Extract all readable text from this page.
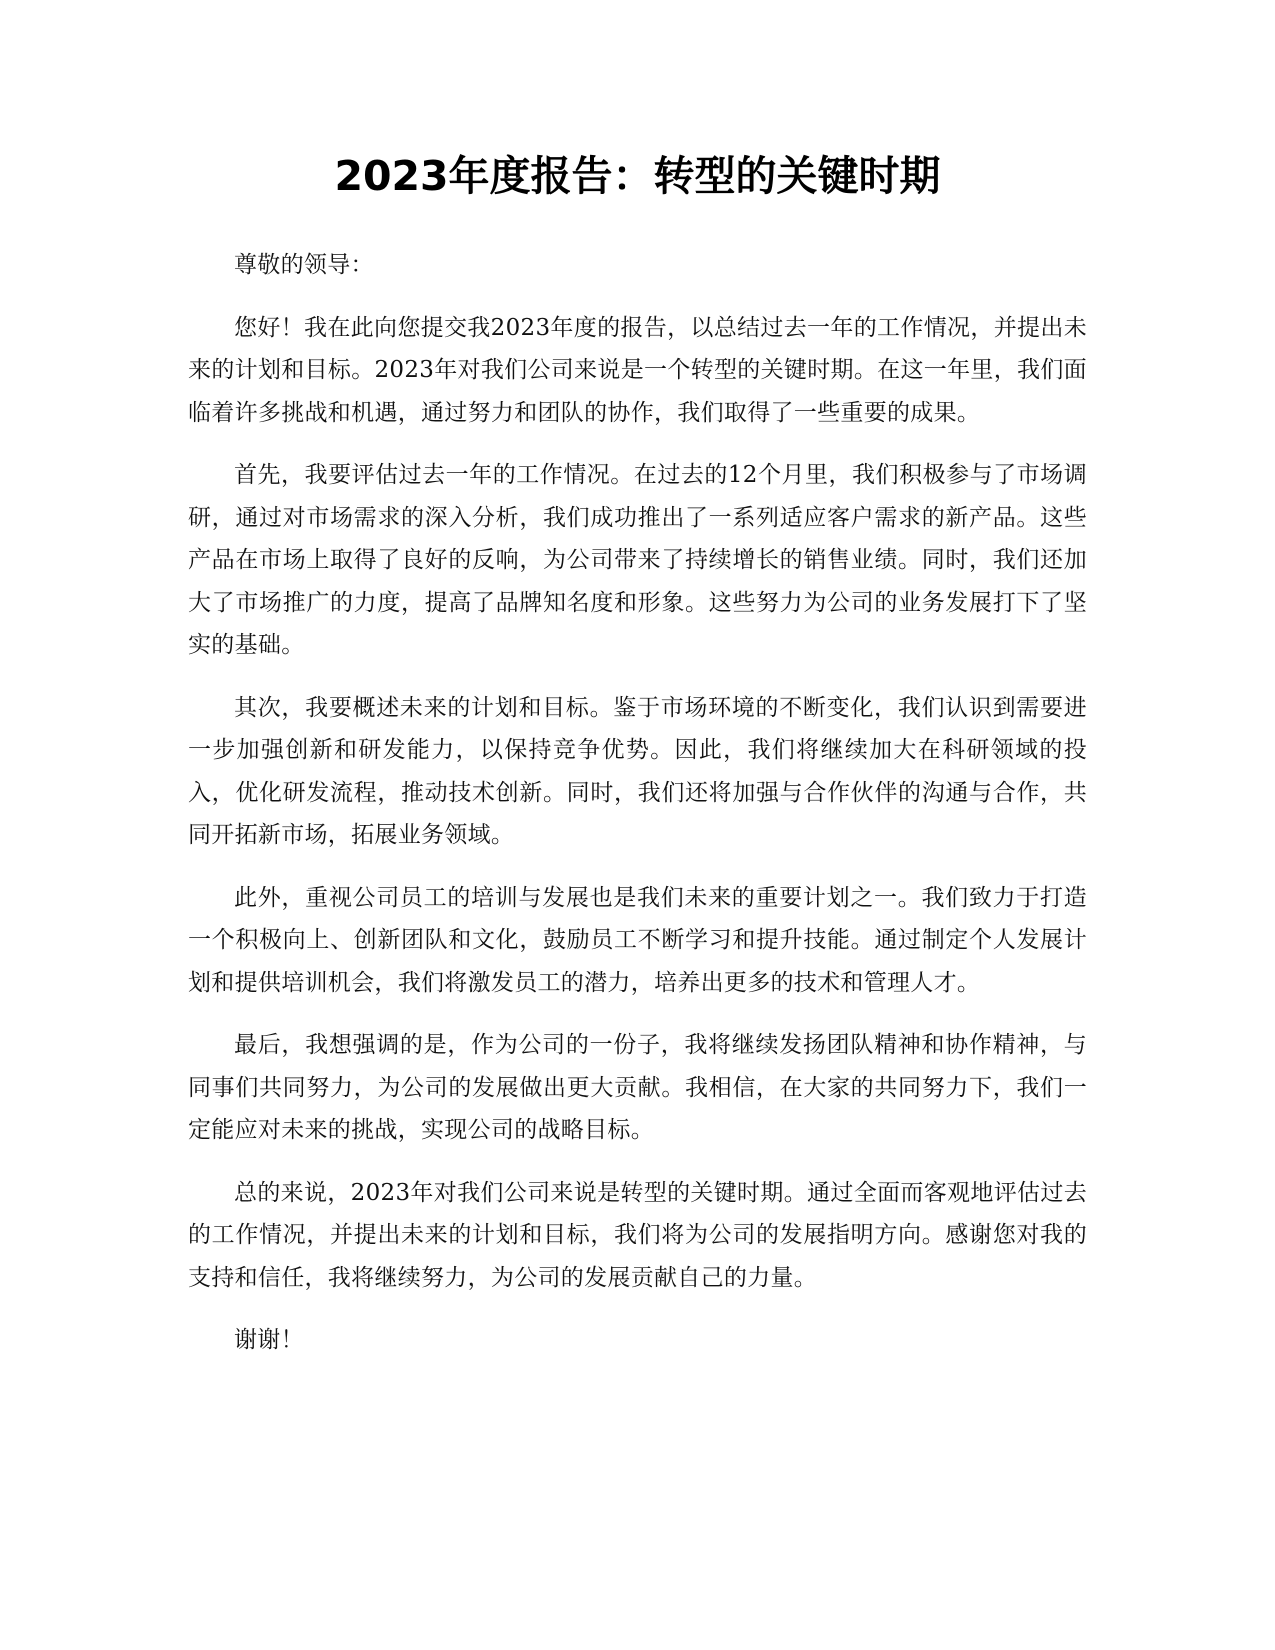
2023年度报告：转型的关键时期

尊敬的领导：

您好！我在此向您提交我2023年度的报告，以总结过去一年的工作情况，并提出未来的计划和目标。2023年对我们公司来说是一个转型的关键时期。在这一年里，我们面临着许多挑战和机遇，通过努力和团队的协作，我们取得了一些重要的成果。

首先，我要评估过去一年的工作情况。在过去的12个月里，我们积极参与了市场调研，通过对市场需求的深入分析，我们成功推出了一系列适应客户需求的新产品。这些产品在市场上取得了良好的反响，为公司带来了持续增长的销售业绩。同时，我们还加大了市场推广的力度，提高了品牌知名度和形象。这些努力为公司的业务发展打下了坚实的基础。

其次，我要概述未来的计划和目标。鉴于市场环境的不断变化，我们认识到需要进一步加强创新和研发能力，以保持竞争优势。因此，我们将继续加大在科研领域的投入，优化研发流程，推动技术创新。同时，我们还将加强与合作伙伴的沟通与合作，共同开拓新市场，拓展业务领域。

此外，重视公司员工的培训与发展也是我们未来的重要计划之一。我们致力于打造一个积极向上、创新团队和文化，鼓励员工不断学习和提升技能。通过制定个人发展计划和提供培训机会，我们将激发员工的潜力，培养出更多的技术和管理人才。

最后，我想强调的是，作为公司的一份子，我将继续发扬团队精神和协作精神，与同事们共同努力，为公司的发展做出更大贡献。我相信，在大家的共同努力下，我们一定能应对未来的挑战，实现公司的战略目标。

总的来说，2023年对我们公司来说是转型的关键时期。通过全面而客观地评估过去的工作情况，并提出未来的计划和目标，我们将为公司的发展指明方向。感谢您对我的支持和信任，我将继续努力，为公司的发展贡献自己的力量。

谢谢！
